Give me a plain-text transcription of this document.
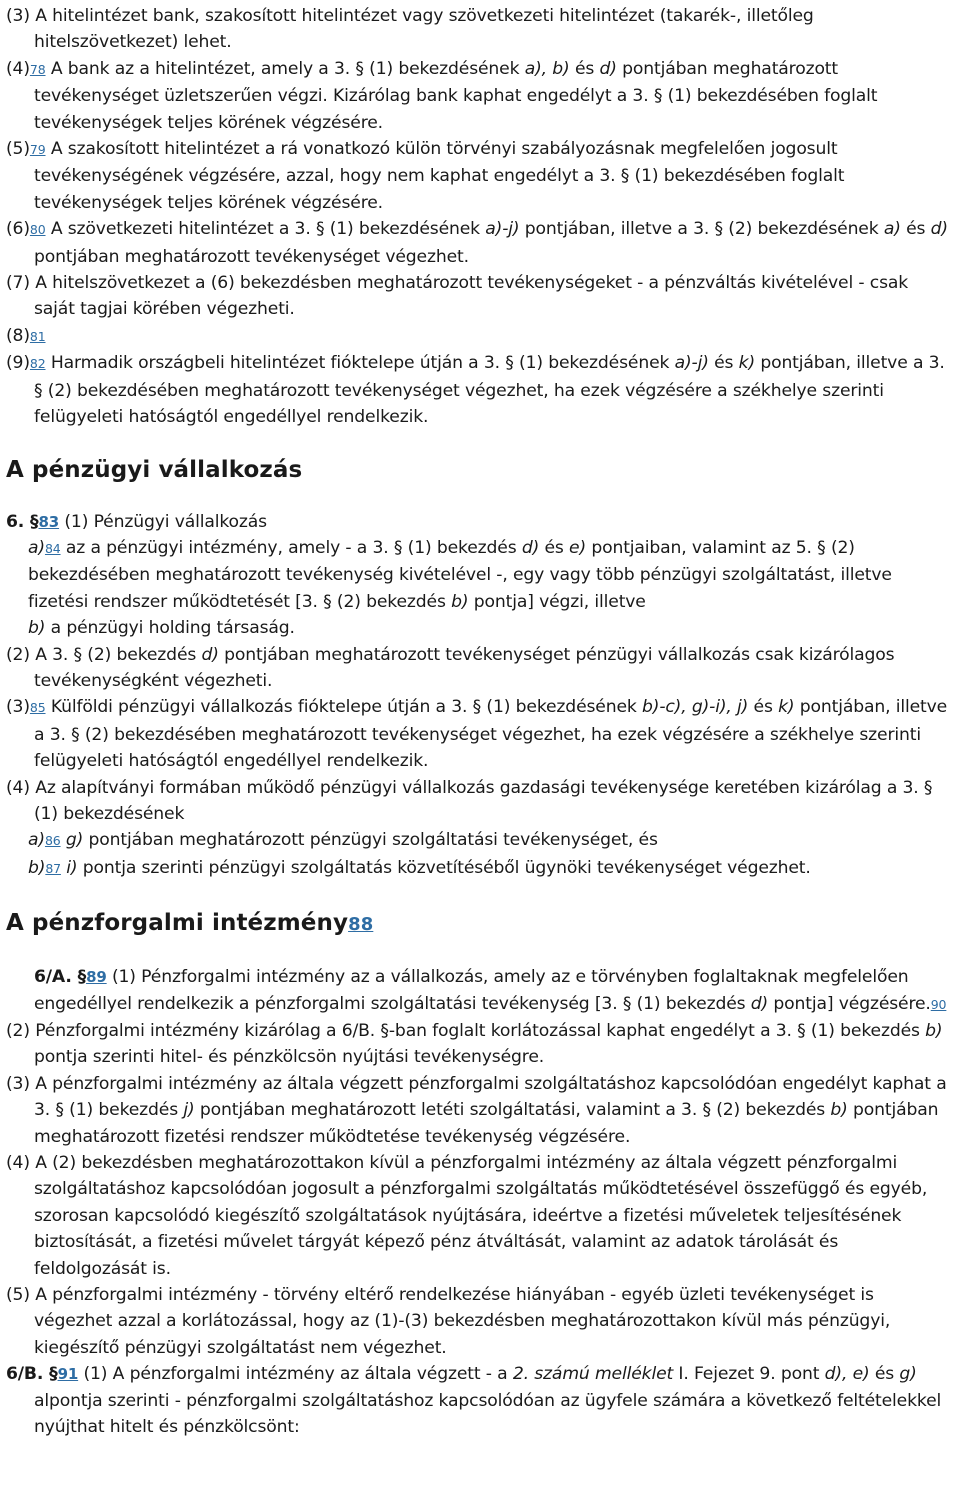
(3) A hitelintézet bank, szakosított hitelintézet vagy szövetkezeti hitelintézet (takarék-, illetőleg hitelszövetkezet) lehet.

(4)78 A bank az a hitelintézet, amely a 3. § (1) bekezdésének a), b) és d) pontjában meghatározott tevékenységet üzletszerűen végzi. Kizárólag bank kaphat engedélyt a 3. § (1) bekezdésében foglalt tevékenységek teljes körének végzésére.

(5)79 A szakosított hitelintézet a rá vonatkozó külön törvényi szabályozásnak megfelelően jogosult tevékenységének végzésére, azzal, hogy nem kaphat engedélyt a 3. § (1) bekezdésében foglalt tevékenységek teljes körének végzésére.

(6)80 A szövetkezeti hitelintézet a 3. § (1) bekezdésének a)-j) pontjában, illetve a 3. § (2) bekezdésének a) és d) pontjában meghatározott tevékenységet végezhet.

(7) A hitelszövetkezet a (6) bekezdésben meghatározott tevékenységeket - a pénzváltás kivételével - csak saját tagjai körében végezheti.

(8)81

(9)82 Harmadik országbeli hitelintézet fióktelepe útján a 3. § (1) bekezdésének a)-j) és k) pontjában, illetve a 3. § (2) bekezdésében meghatározott tevékenységet végezhet, ha ezek végzésére a székhelye szerinti felügyeleti hatóságtól engedéllyel rendelkezik.

A pénzügyi vállalkozás

6. §83 (1) Pénzügyi vállalkozás

a)84 az a pénzügyi intézmény, amely - a 3. § (1) bekezdés d) és e) pontjaiban, valamint az 5. § (2) bekezdésében meghatározott tevékenység kivételével -, egy vagy több pénzügyi szolgáltatást, illetve fizetési rendszer működtetését [3. § (2) bekezdés b) pontja] végzi, illetve

b) a pénzügyi holding társaság.

(2) A 3. § (2) bekezdés d) pontjában meghatározott tevékenységet pénzügyi vállalkozás csak kizárólagos tevékenységként végezheti.

(3)85 Külföldi pénzügyi vállalkozás fióktelepe útján a 3. § (1) bekezdésének b)-c), g)-i), j) és k) pontjában, illetve a 3. § (2) bekezdésében meghatározott tevékenységet végezhet, ha ezek végzésére a székhelye szerinti felügyeleti hatóságtól engedéllyel rendelkezik.

(4) Az alapítványi formában működő pénzügyi vállalkozás gazdasági tevékenysége keretében kizárólag a 3. § (1) bekezdésének

a)86 g) pontjában meghatározott pénzügyi szolgáltatási tevékenységet, és

b)87 i) pontja szerinti pénzügyi szolgáltatás közvetítéséből ügynöki tevékenységet végezhet.

A pénzforgalmi intézmény88

6/A. §89 (1) Pénzforgalmi intézmény az a vállalkozás, amely az e törvényben foglaltaknak megfelelően engedéllyel rendelkezik a pénzforgalmi szolgáltatási tevékenység [3. § (1) bekezdés d) pontja] végzésére.90

(2) Pénzforgalmi intézmény kizárólag a 6/B. §-ban foglalt korlátozással kaphat engedélyt a 3. § (1) bekezdés b) pontja szerinti hitel- és pénzkölcsön nyújtási tevékenységre.

(3) A pénzforgalmi intézmény az általa végzett pénzforgalmi szolgáltatáshoz kapcsolódóan engedélyt kaphat a 3. § (1) bekezdés j) pontjában meghatározott letéti szolgáltatási, valamint a 3. § (2) bekezdés b) pontjában meghatározott fizetési rendszer működtetése tevékenység végzésére.

(4) A (2) bekezdésben meghatározottakon kívül a pénzforgalmi intézmény az általa végzett pénzforgalmi szolgáltatáshoz kapcsolódóan jogosult a pénzforgalmi szolgáltatás működtetésével összefüggő és egyéb, szorosan kapcsolódó kiegészítő szolgáltatások nyújtására, ideértve a fizetési műveletek teljesítésének biztosítását, a fizetési művelet tárgyát képező pénz átváltását, valamint az adatok tárolását és feldolgozását is.

(5) A pénzforgalmi intézmény - törvény eltérő rendelkezése hiányában - egyéb üzleti tevékenységet is végezhet azzal a korlátozással, hogy az (1)-(3) bekezdésben meghatározottakon kívül más pénzügyi, kiegészítő pénzügyi szolgáltatást nem végezhet.

6/B. §91 (1) A pénzforgalmi intézmény az általa végzett - a 2. számú melléklet I. Fejezet 9. pont d), e) és g) alpontja szerinti - pénzforgalmi szolgáltatáshoz kapcsolódóan az ügyfele számára a következő feltételekkel nyújthat hitelt és pénzkölcsönt:
